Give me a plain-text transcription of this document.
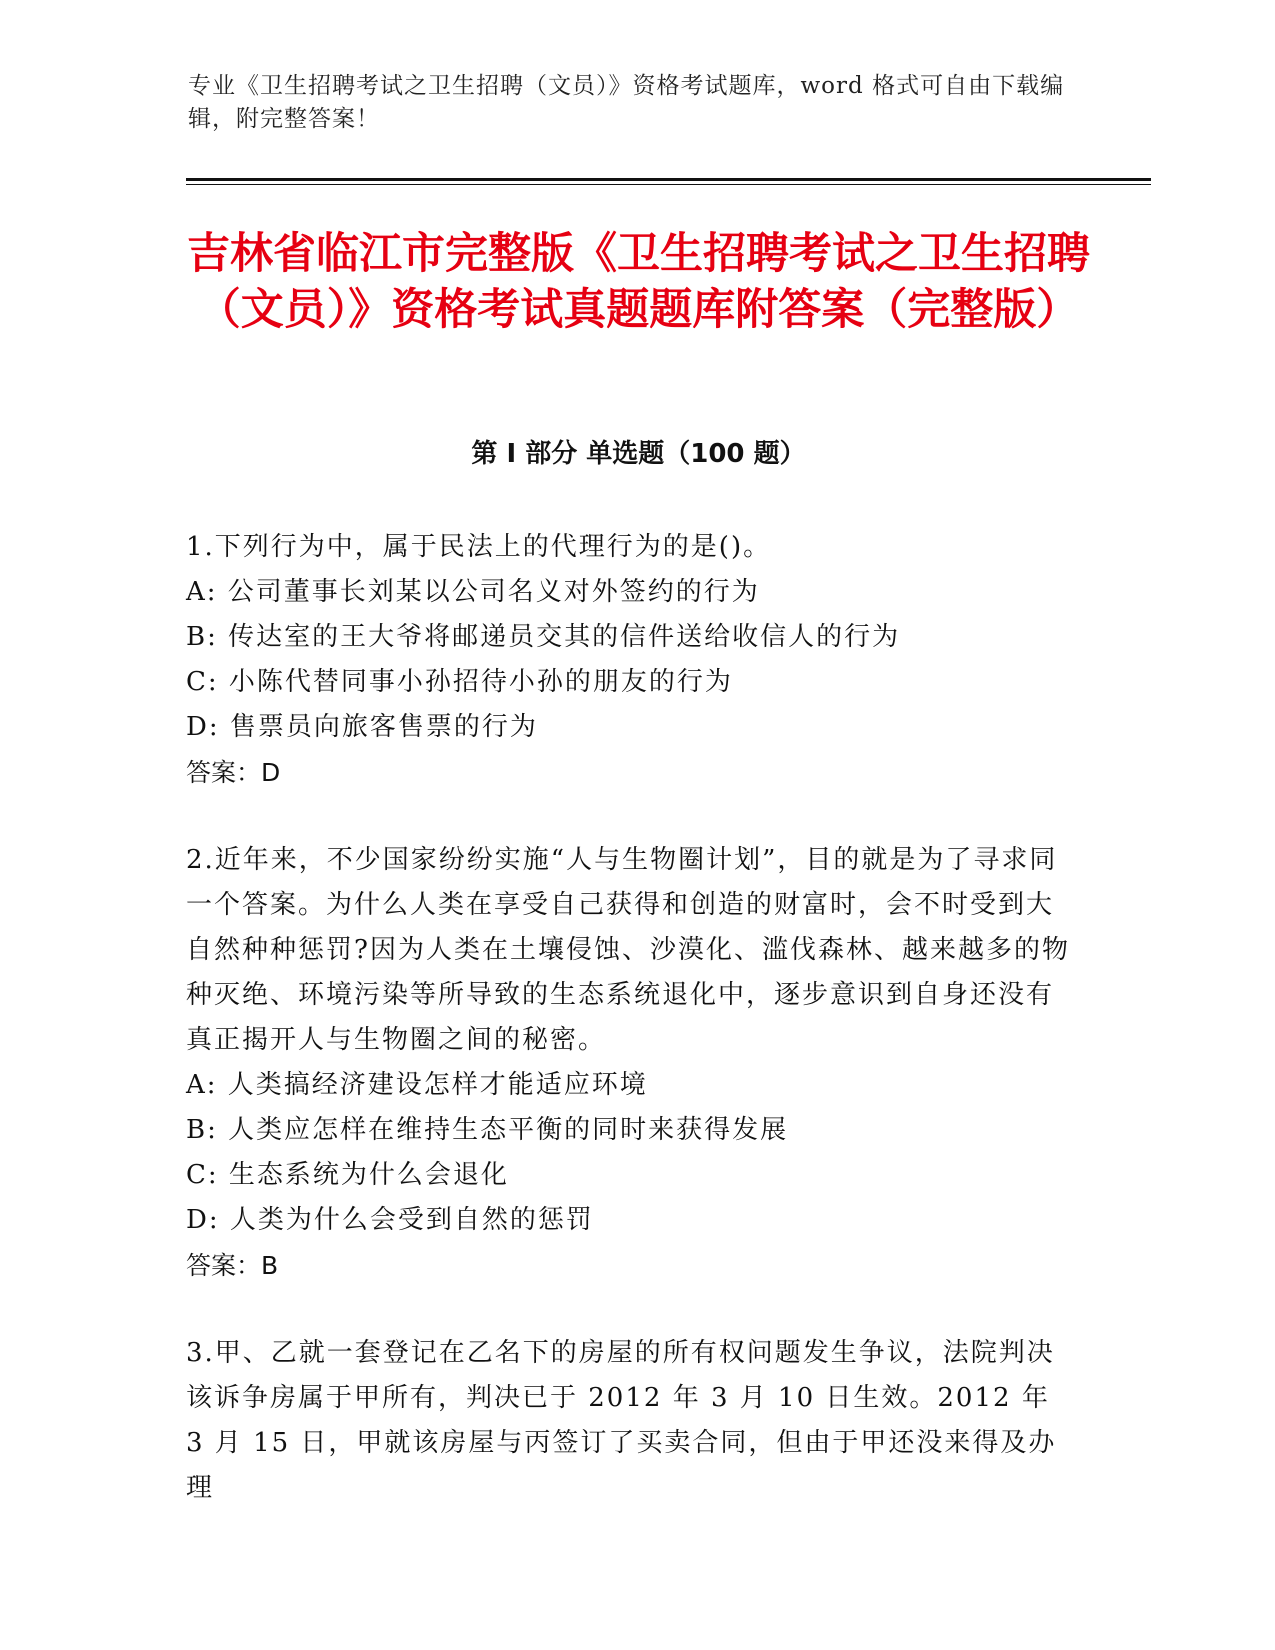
专业《卫生招聘考试之卫生招聘（文员）》资格考试题库，word 格式可自由下载编辑，附完整答案！
吉林省临江市完整版《卫生招聘考试之卫生招聘（文员）》资格考试真题题库附答案（完整版）
第 I 部分 单选题（100 题）

1.下列行为中，属于民法上的代理行为的是()。

A: 公司董事长刘某以公司名义对外签约的行为

B: 传达室的王大爷将邮递员交其的信件送给收信人的行为

C: 小陈代替同事小孙招待小孙的朋友的行为

D: 售票员向旅客售票的行为

答案：D

2.近年来，不少国家纷纷实施“人与生物圈计划”，目的就是为了寻求同一个答案。为什么人类在享受自己获得和创造的财富时，会不时受到大自然种种惩罚?因为人类在土壤侵蚀、沙漠化、滥伐森林、越来越多的物种灭绝、环境污染等所导致的生态系统退化中，逐步意识到自身还没有真正揭开人与生物圈之间的秘密。

A: 人类搞经济建设怎样才能适应环境

B: 人类应怎样在维持生态平衡的同时来获得发展

C: 生态系统为什么会退化

D: 人类为什么会受到自然的惩罚

答案：B

3.甲、乙就一套登记在乙名下的房屋的所有权问题发生争议，法院判决该诉争房属于甲所有，判决已于 2012 年 3 月 10 日生效。2012 年 3 月 15 日，甲就该房屋与丙签订了买卖合同，但由于甲还没来得及办理
